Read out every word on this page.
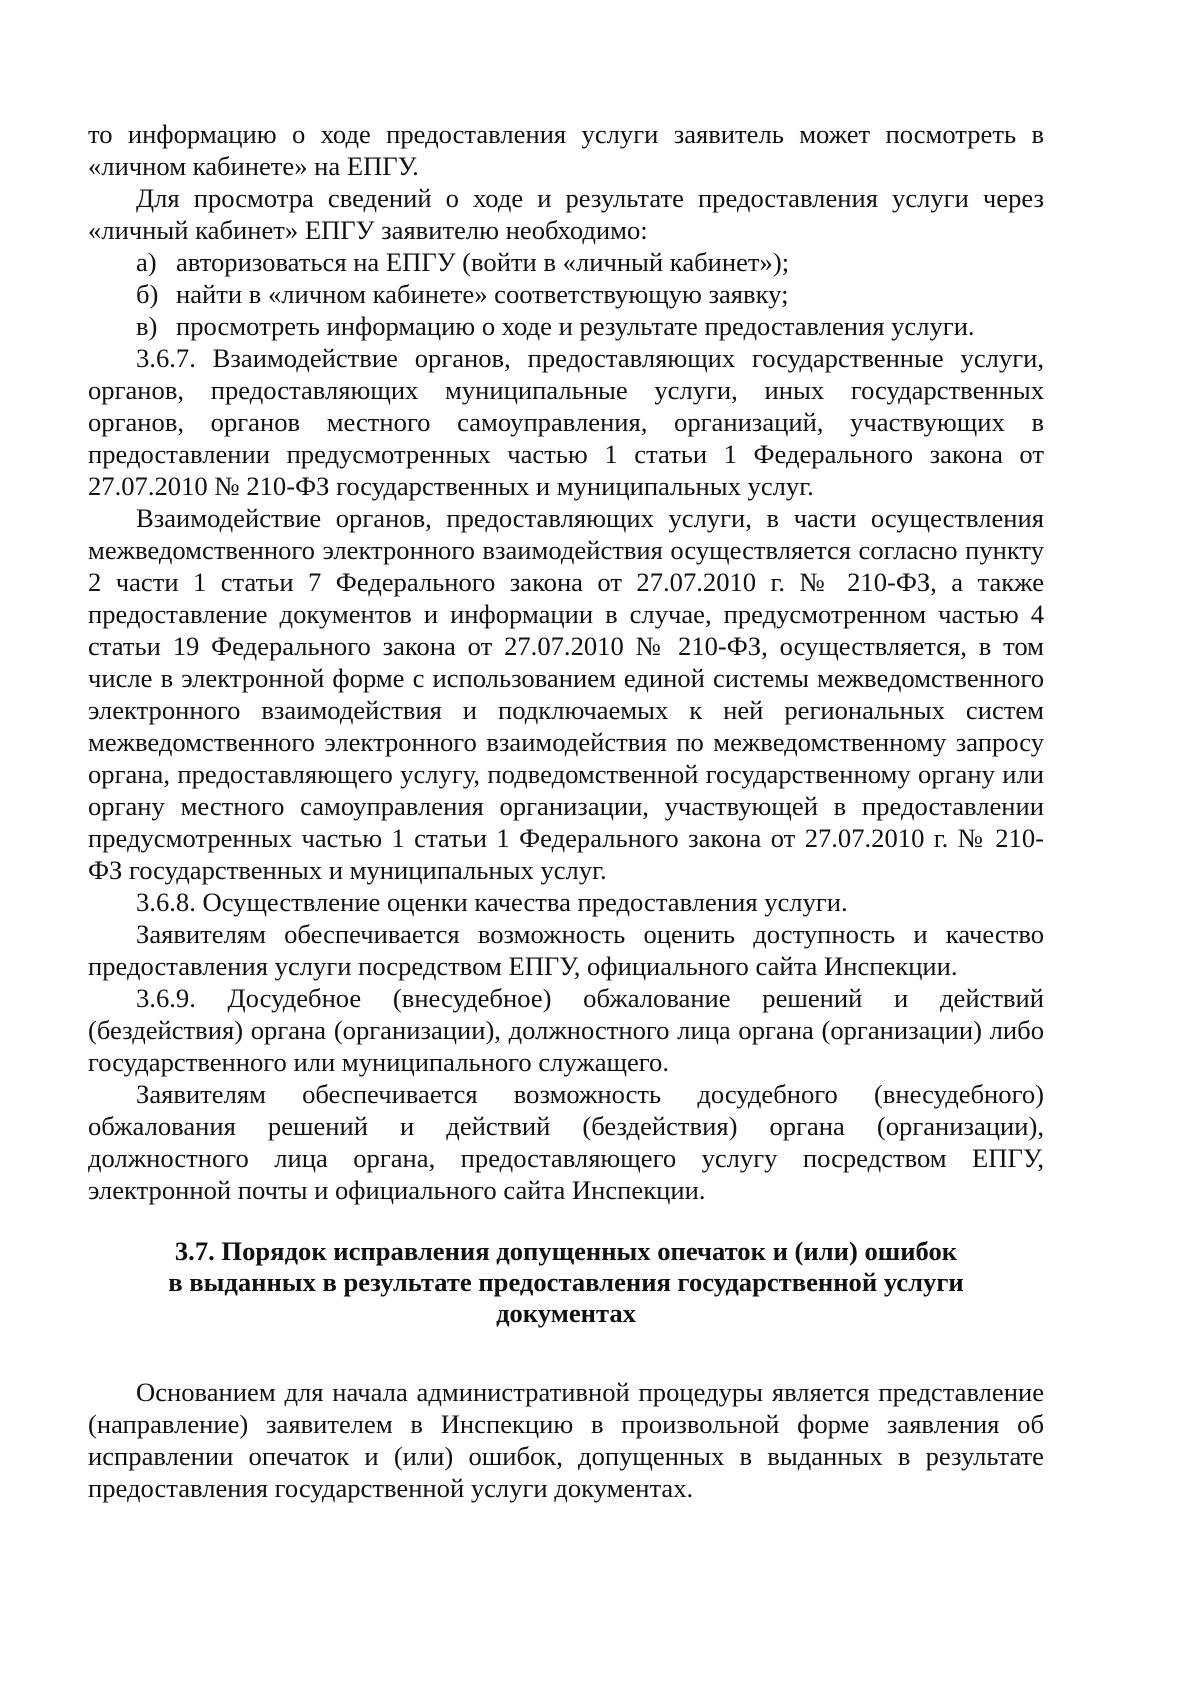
то информацию о ходе предоставления услуги заявитель может посмотреть в «личном кабинете» на ЕПГУ.

Для просмотра сведений о ходе и результате предоставления услуги через «личный кабинет» ЕПГУ заявителю необходимо:

а) авторизоваться на ЕПГУ (войти в «личный кабинет»);
б) найти в «личном кабинете» соответствующую заявку;
в) просмотреть информацию о ходе и результате предоставления услуги.

3.6.7. Взаимодействие органов, предоставляющих государственные услуги, органов, предоставляющих муниципальные услуги, иных государственных органов, органов местного самоуправления, организаций, участвующих в предоставлении предусмотренных частью 1 статьи 1 Федерального закона от 27.07.2010 № 210-ФЗ государственных и муниципальных услуг.

Взаимодействие органов, предоставляющих услуги, в части осуществления межведомственного электронного взаимодействия осуществляется согласно пункту 2 части 1 статьи 7 Федерального закона от 27.07.2010 г. № 210-ФЗ, а также предоставление документов и информации в случае, предусмотренном частью 4 статьи 19 Федерального закона от 27.07.2010 № 210-ФЗ, осуществляется, в том числе в электронной форме с использованием единой системы межведомственного электронного взаимодействия и подключаемых к ней региональных систем межведомственного электронного взаимодействия по межведомственному запросу органа, предоставляющего услугу, подведомственной государственному органу или органу местного самоуправления организации, участвующей в предоставлении предусмотренных частью 1 статьи 1 Федерального закона от 27.07.2010 г. № 210-ФЗ государственных и муниципальных услуг.

3.6.8. Осуществление оценки качества предоставления услуги.

Заявителям обеспечивается возможность оценить доступность и качество предоставления услуги посредством ЕПГУ, официального сайта Инспекции.

3.6.9. Досудебное (внесудебное) обжалование решений и действий (бездействия) органа (организации), должностного лица органа (организации) либо государственного или муниципального служащего.

Заявителям обеспечивается возможность досудебного (внесудебного) обжалования решений и действий (бездействия) органа (организации), должностного лица органа, предоставляющего услугу посредством ЕПГУ, электронной почты и официального сайта Инспекции.

3.7. Порядок исправления допущенных опечаток и (или) ошибок
в выданных в результате предоставления государственной услуги
документах

Основанием для начала административной процедуры является представление (направление) заявителем в Инспекцию в произвольной форме заявления об исправлении опечаток и (или) ошибок, допущенных в выданных в результате предоставления государственной услуги документах.
